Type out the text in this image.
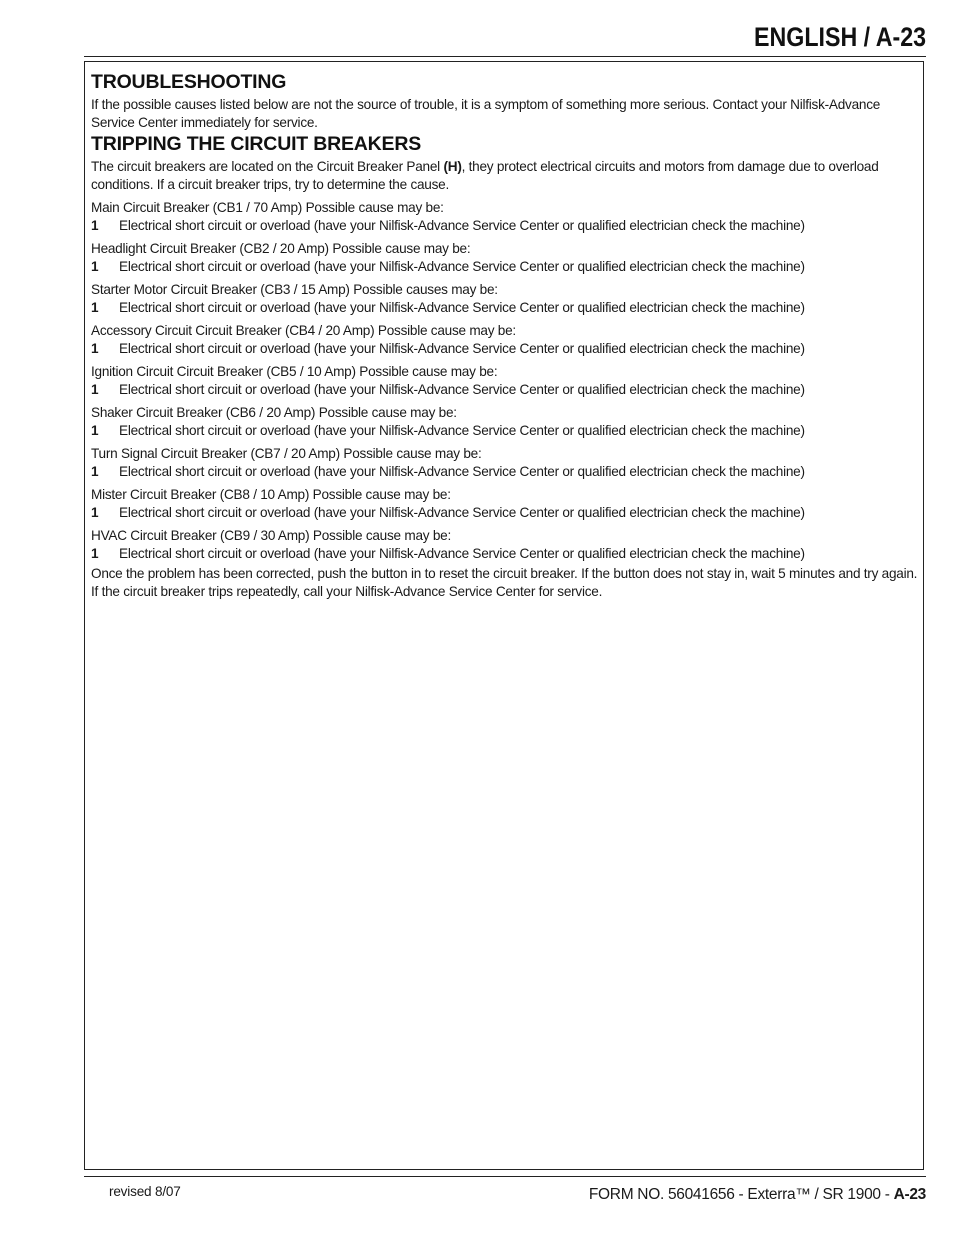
ENGLISH / A-23
TROUBLESHOOTING

If the possible causes listed below are not the source of trouble, it is a symptom of something more serious. Contact your Nilfisk-Advance Service Center immediately for service.

TRIPPING THE CIRCUIT BREAKERS

The circuit breakers are located on the Circuit Breaker Panel (H), they protect electrical circuits and motors from damage due to overload conditions. If a circuit breaker trips, try to determine the cause.

Main Circuit Breaker (CB1 / 70 Amp) Possible cause may be:
1	Electrical short circuit or overload (have your Nilfisk-Advance Service Center or qualified electrician check the machine)
Headlight Circuit Breaker (CB2 / 20 Amp) Possible cause may be:
1	Electrical short circuit or overload (have your Nilfisk-Advance Service Center or qualified electrician check the machine)
Starter Motor Circuit Breaker (CB3 / 15 Amp) Possible causes may be:
1	Electrical short circuit or overload (have your Nilfisk-Advance Service Center or qualified electrician check the machine)
Accessory Circuit Circuit Breaker (CB4 / 20 Amp) Possible cause may be:
1	Electrical short circuit or overload (have your Nilfisk-Advance Service Center or qualified electrician check the machine)
Ignition Circuit Circuit Breaker (CB5 / 10 Amp) Possible cause may be:
1	Electrical short circuit or overload (have your Nilfisk-Advance Service Center or qualified electrician check the machine)
Shaker Circuit Breaker (CB6 / 20 Amp) Possible cause may be:
1	Electrical short circuit or overload (have your Nilfisk-Advance Service Center or qualified electrician check the machine)
Turn Signal Circuit Breaker (CB7 / 20 Amp) Possible cause may be:
1	Electrical short circuit or overload (have your Nilfisk-Advance Service Center or qualified electrician check the machine)
Mister Circuit Breaker (CB8 / 10 Amp) Possible cause may be:
1	Electrical short circuit or overload (have your Nilfisk-Advance Service Center or qualified electrician check the machine)
HVAC Circuit Breaker (CB9 / 30 Amp) Possible cause may be:
1	Electrical short circuit or overload (have your Nilfisk-Advance Service Center or qualified electrician check the machine)

Once the problem has been corrected, push the button in to reset the circuit breaker. If the button does not stay in, wait 5 minutes and try again. If the circuit breaker trips repeatedly, call your Nilfisk-Advance Service Center for service.

revised 8/07	FORM NO. 56041656 - Exterra™ / SR 1900 - A-23
